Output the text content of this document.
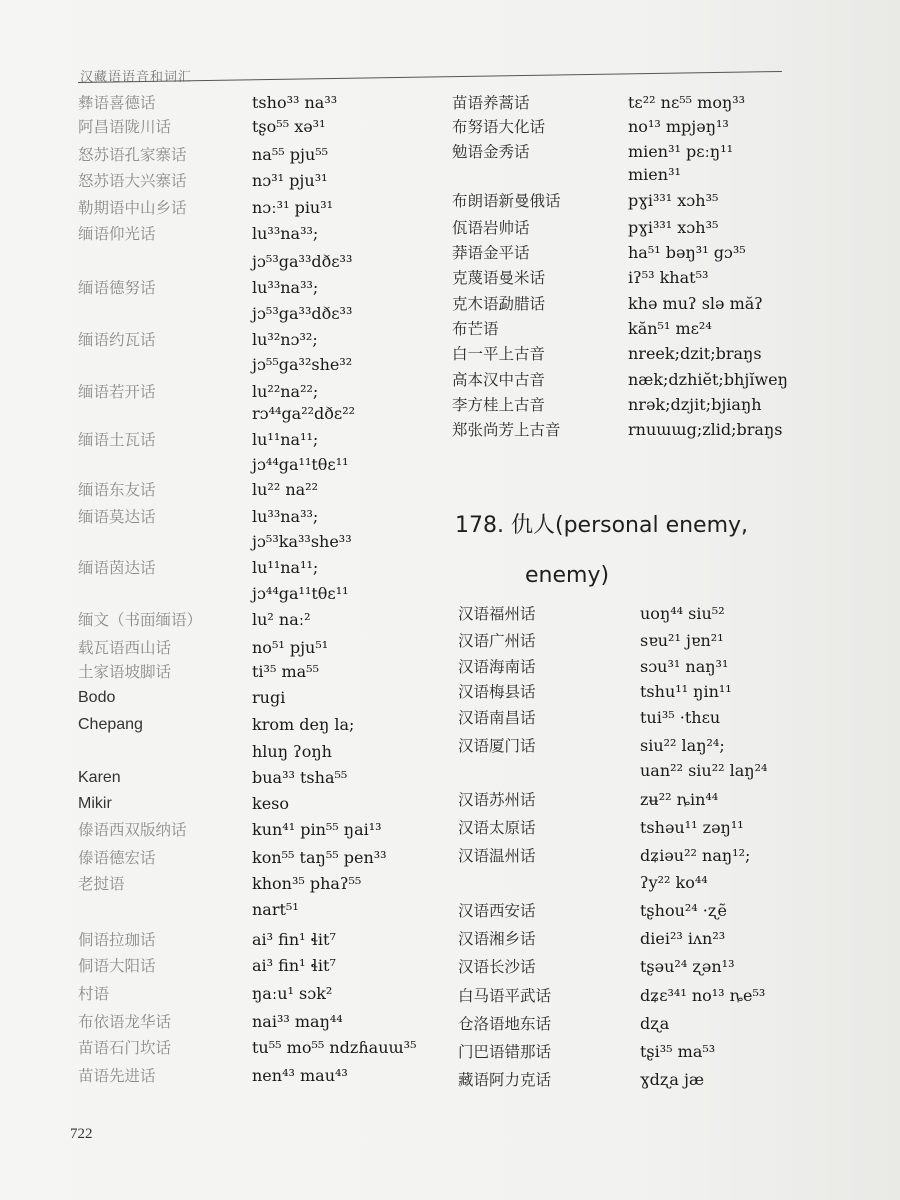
汉藏语语音和词汇
彝语喜德话	tsho³³ na³³
阿昌语陇川话	tʂo⁵⁵ xə³¹
怒苏语孔家寨话	na⁵⁵ pju⁵⁵
怒苏语大兴寨话	nɔ³¹ pju³¹
勒期语中山乡话	nɔː³¹ piu³¹
缅语仰光话	lu³³na³³;
jɔ⁵³ga³³dðɛ³³
缅语德努话	lu³³na³³;
jɔ⁵³ga³³dðɛ³³
缅语约瓦话	lu³²nɔ³²;
jɔ⁵⁵ga³²she³²
缅语若开话	lu²²na²²;
rɔ⁴⁴ga²²dðɛ²²
缅语土瓦话	lu¹¹na¹¹;
jɔ⁴⁴ga¹¹tθɛ¹¹
缅语东友话	lu²² na²²
缅语莫达话	lu³³na³³;
jɔ⁵³ka³³she³³
缅语茵达话	lu¹¹na¹¹;
jɔ⁴⁴ga¹¹tθɛ¹¹
缅文（书面缅语）	lu² naː²
载瓦语西山话	no⁵¹ pju⁵¹
土家语坡脚话	ti³⁵ ma⁵⁵
Bodo	rugi
Chepang	krom deŋ la;
hluŋ ʔoŋh
Karen	bua³³ tsha⁵⁵
Mikir	keso
傣语西双版纳话	kun⁴¹ pin⁵⁵ ŋai¹³
傣语德宏话	kon⁵⁵ taŋ⁵⁵ pen³³
老挝语	khon³⁵ phaʔ⁵⁵
nart⁵¹
侗语拉珈话	ai³ fin¹ ɬit⁷
侗语大阳话	ai³ fin¹ ɬit⁷
村语	ŋaːu¹ sɔk²
布依语龙华话	nai³³ maŋ⁴⁴
苗语石门坎话	tu⁵⁵ mo⁵⁵ ndzɦauɯ³⁵
苗语先进话	nen⁴³ mau⁴³
苗语养蒿话	tɛ²² nɛ⁵⁵ moŋ³³
布努语大化话	no¹³ mpjəŋ¹³
勉语金秀话	mien³¹ pɛːŋ¹¹
mien³¹
布朗语新曼俄话	pɣi³³¹ xɔh³⁵
佤语岩帅话	pɣi³³¹ xɔh³⁵
莽语金平话	ha⁵¹ bəŋ³¹ gɔ³⁵
克蔑语曼米话	iʔ⁵³ khat⁵³
克木语勐腊话	khə muʔ slə măʔ
布芒语	kăn⁵¹ mɛ²⁴
白一平上古音	nreek;dzit;braŋs
高本汉中古音	næk;dzhiĕt;bhjĭweŋ
李方桂上古音	nrək;dzjit;bjiaŋh
郑张尚芳上古音	rnuɯɯg;zlid;braŋs
178. 仇人(personal enemy,
enemy)
汉语福州话	uoŋ⁴⁴ siu⁵²
汉语广州话	sɐu²¹ jɐn²¹
汉语海南话	sɔu³¹ naŋ³¹
汉语梅县话	tshu¹¹ ŋin¹¹
汉语南昌话	tui³⁵ ·thɛu
汉语厦门话	siu²² laŋ²⁴;
uan²² siu²² laŋ²⁴
汉语苏州话	zʉ²² ȵin⁴⁴
汉语太原话	tshəu¹¹ zəŋ¹¹
汉语温州话	dʑiəu²² naŋ¹²;
ʔy²² ko⁴⁴
汉语西安话	tʂhou²⁴ ·ʐẽ
汉语湘乡话	diei²³ iʌn²³
汉语长沙话	tʂəu²⁴ ʐən¹³
白马语平武话	dʑɛ³⁴¹ no¹³ ȵe⁵³
仓洛语地东话	dʐa
门巴语错那话	tʂi³⁵ ma⁵³
藏语阿力克话	ɣdʐa jæ
722
